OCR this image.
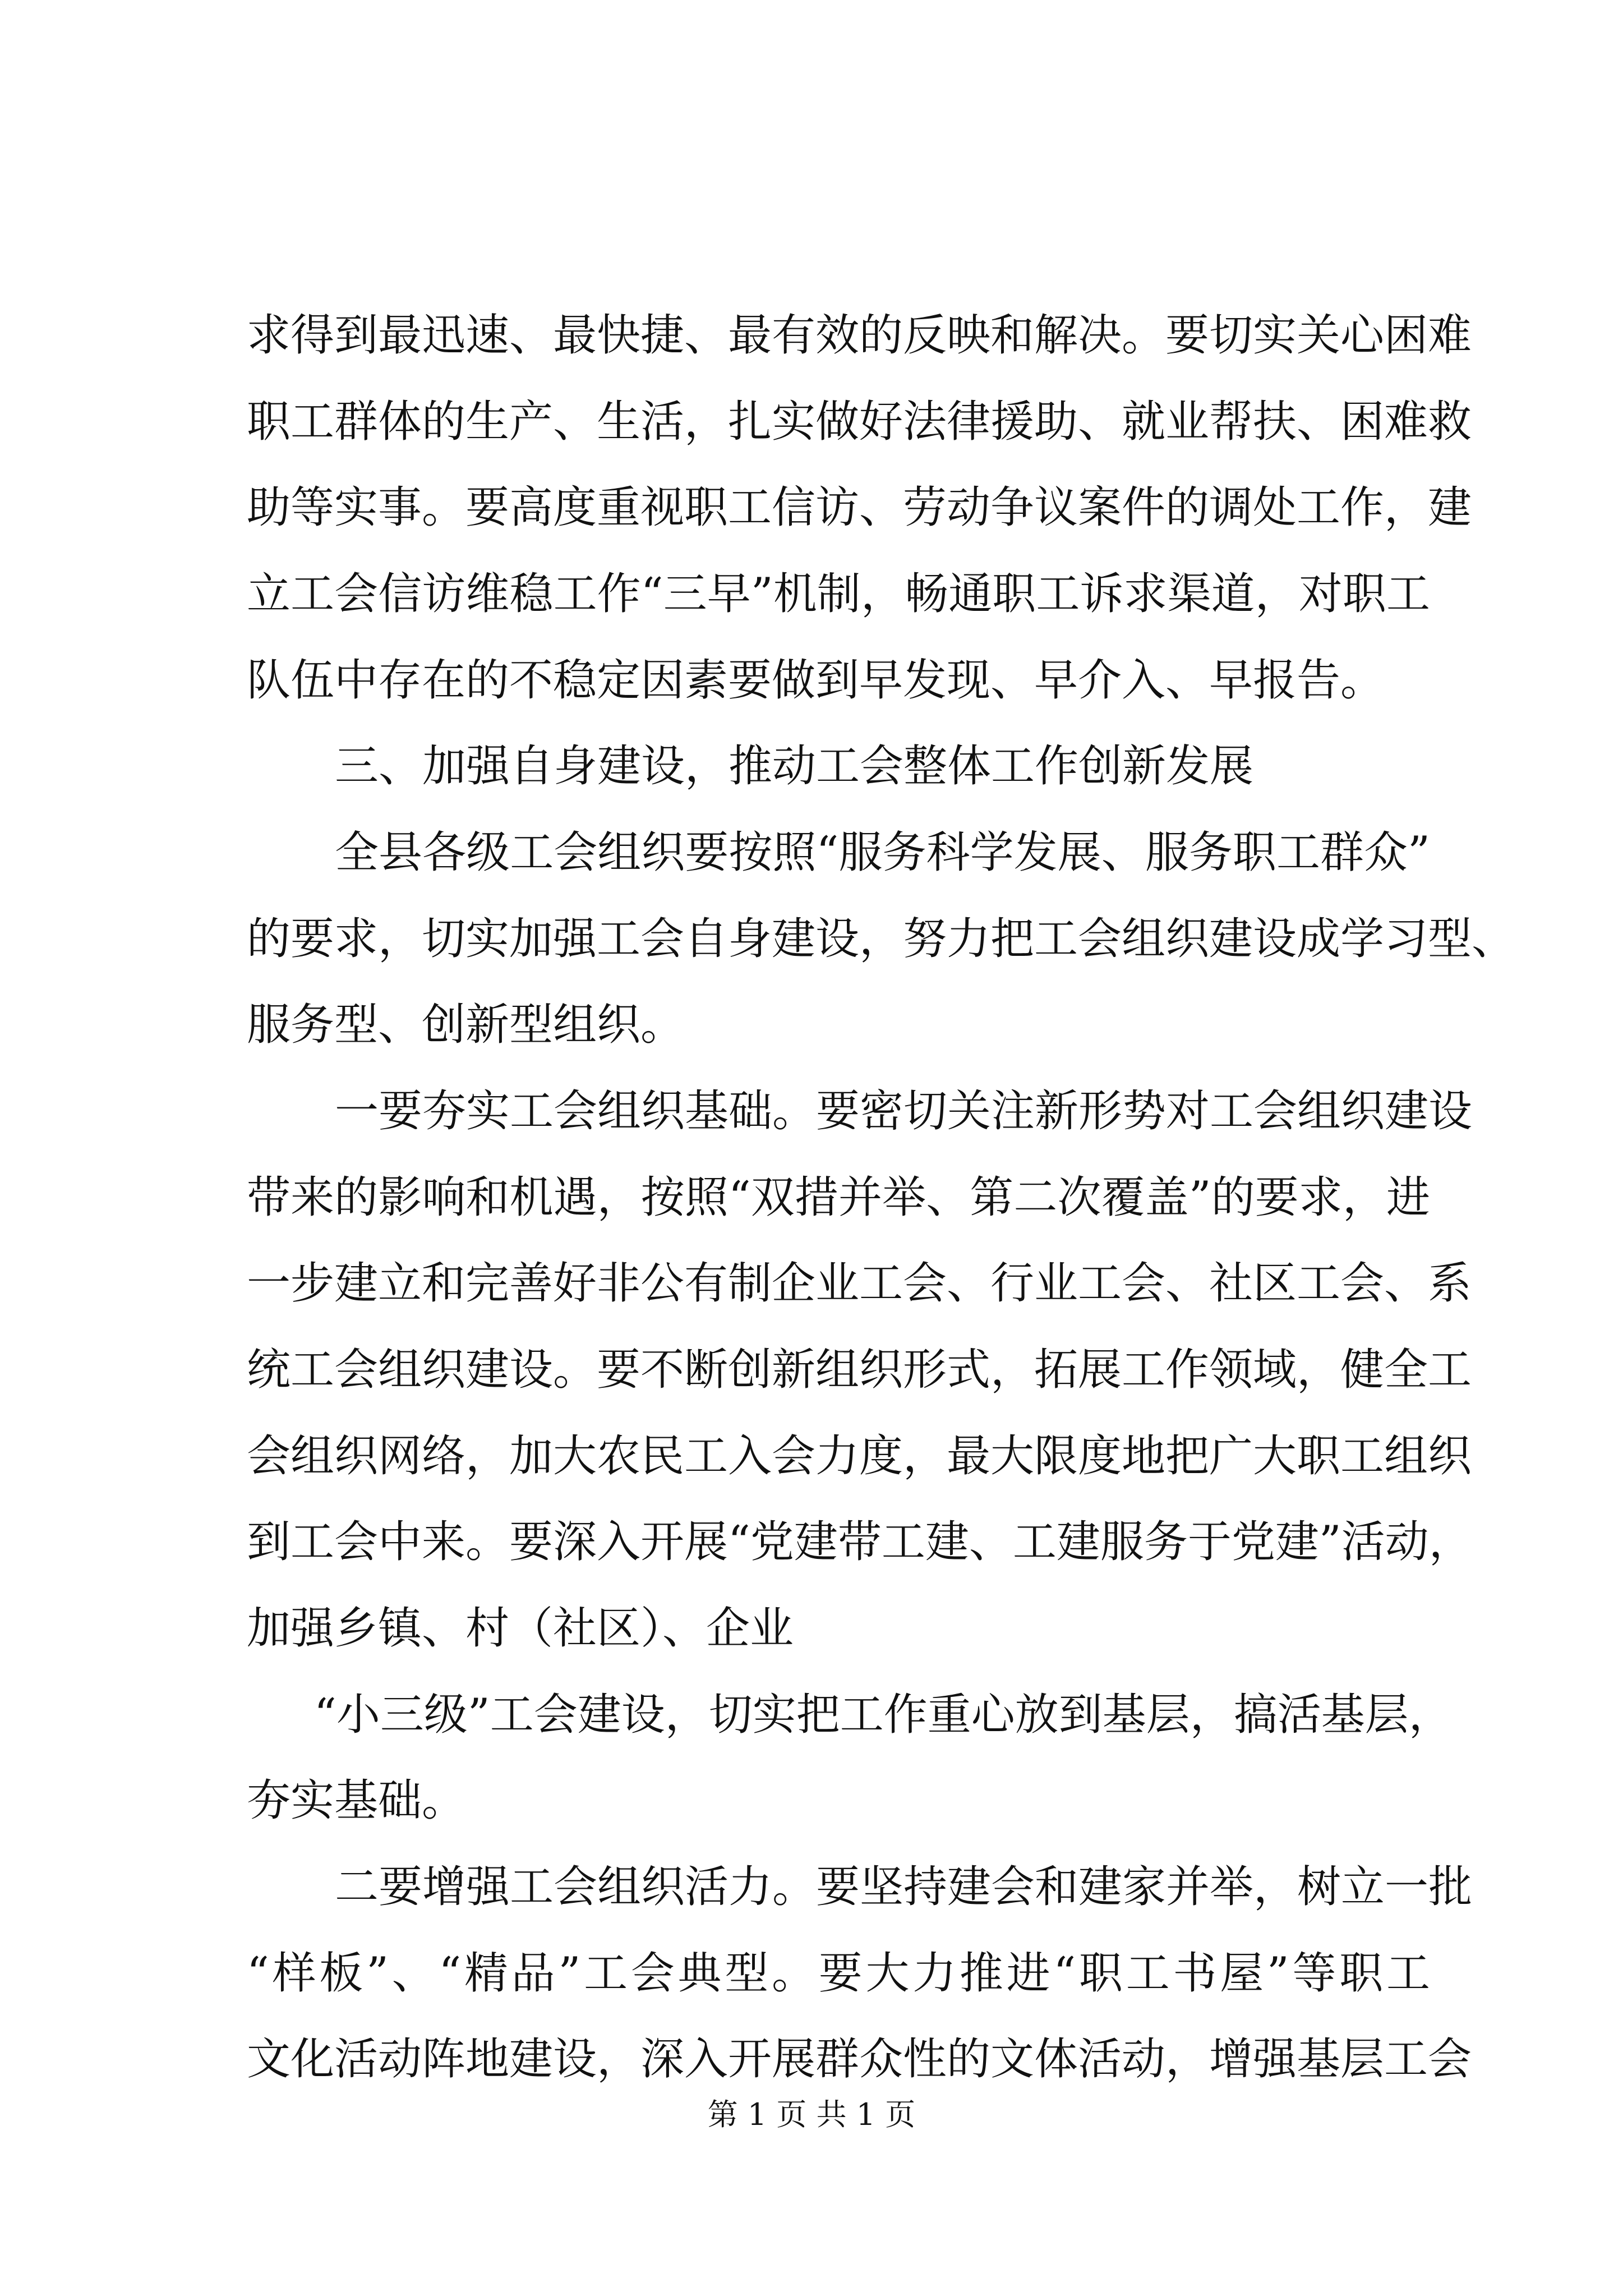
求得到最迅速、最快捷、最有效的反映和解决。要切实关心困难
职工群体的生产、生活，扎实做好法律援助、就业帮扶、困难救
助等实事。要高度重视职工信访、劳动争议案件的调处工作，建
立工会信访维稳工作“三早”机制，畅通职工诉求渠道，对职工
队伍中存在的不稳定因素要做到早发现、早介入、早报告。
三、加强自身建设，推动工会整体工作创新发展
全县各级工会组织要按照“服务科学发展、服务职工群众”
的要求，切实加强工会自身建设，努力把工会组织建设成学习型、
服务型、创新型组织。
一要夯实工会组织基础。要密切关注新形势对工会组织建设
带来的影响和机遇，按照“双措并举、第二次覆盖”的要求，进
一步建立和完善好非公有制企业工会、行业工会、社区工会、系
统工会组织建设。要不断创新组织形式，拓展工作领域，健全工
会组织网络，加大农民工入会力度，最大限度地把广大职工组织
到工会中来。要深入开展“党建带工建、工建服务于党建”活动，
加强乡镇、村（社区）、企业
“小三级”工会建设，切实把工作重心放到基层，搞活基层，
夯实基础。
二要增强工会组织活力。要坚持建会和建家并举，树立一批
“样板”、“精品”工会典型。要大力推进“职工书屋”等职工
文化活动阵地建设，深入开展群众性的文体活动，增强基层工会
第 1 页 共 1 页
